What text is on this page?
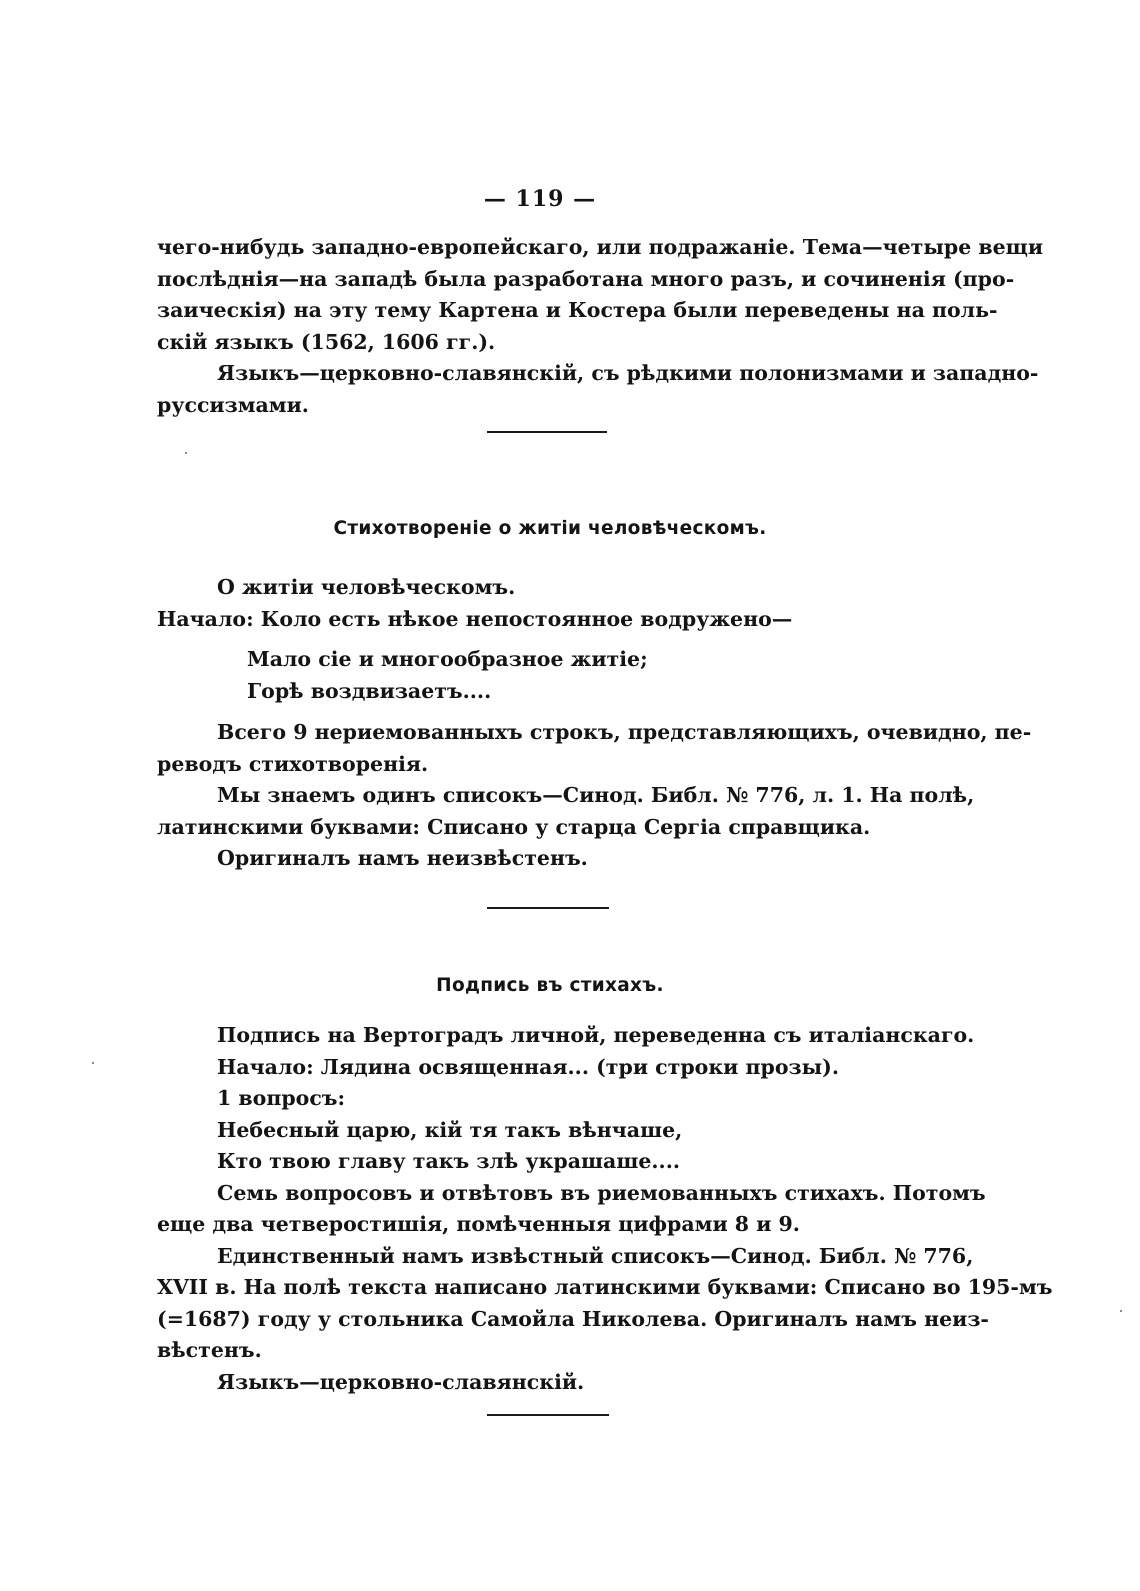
— 119 —

чего-нибудь западно-европейскаго, или подражаніе. Тема—четыре вещи
послѣднія—на западѣ была разработана много разъ, и сочиненія (про-
заическія) на эту тему Картена и Костера были переведены на поль-
скій языкъ (1562, 1606 гг.).

Языкъ—церковно-славянскій, съ рѣдкими полонизмами и западно-
руссизмами.

Стихотвореніе о житіи человѣческомъ.
О житіи человѣческомъ.
Начало: Коло есть нѣкое непостоянное водружено—
Мало сіе и многообразное житіе;
Горѣ воздвизаетъ....

Всего 9 нериемованныхъ строкъ, представляющихъ, очевидно, пе-
реводъ стихотворенія.

Мы знаемъ одинъ списокъ—Синод. Библ. № 776, л. 1. На полѣ,
латинскими буквами: Списано у старца Сергіа справщика.

Оригиналъ намъ неизвѣстенъ.

Подпись въ стихахъ.
Подпись на Вертоградъ личной, переведенна съ италіанскаго.
Начало: Лядина освященная... (три строки прозы).
1 вопросъ:
Небесный царю, кій тя такъ вѣнчаше,
Кто твою главу такъ злѣ украшаше....

Семь вопросовъ и отвѣтовъ въ риемованныхъ стихахъ. Потомъ
еще два четверостишія, помѣченныя цифрами 8 и 9.

Единственный намъ извѣстный списокъ—Синод. Библ. № 776,
XVII в. На полѣ текста написано латинскими буквами: Списано во 195-мъ
(=1687) году у стольника Самойла Николева. Оригиналъ намъ неиз-
вѣстенъ.

Языкъ—церковно-славянскій.
